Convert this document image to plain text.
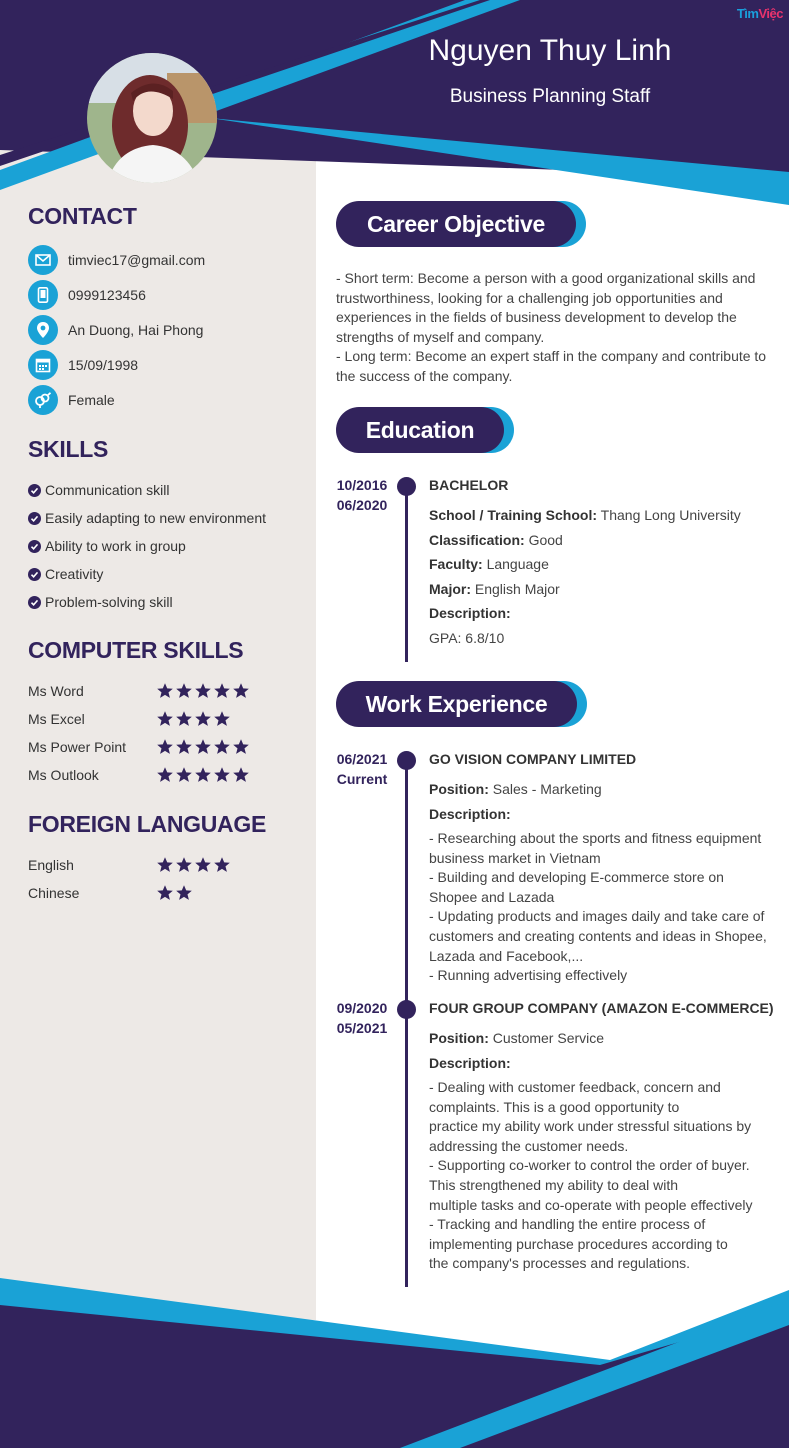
TìmViệc
Nguyen Thuy Linh
Business Planning Staff
CONTACT
timviec17@gmail.com
0999123456
An Duong, Hai Phong
15/09/1998
Female
SKILLS
Communication skill
Easily adapting to new environment
Ability to work in group
Creativity
Problem-solving skill
COMPUTER SKILLS
Ms Word
Ms Excel
Ms Power Point
Ms Outlook
FOREIGN LANGUAGE
English
Chinese
Career Objective
- Short term: Become a person with a good organizational skills and
trustworthiness, looking for a challenging job opportunities and
experiences in the fields of business development to develop the
strengths of myself and company.
- Long term: Become an expert staff in the company and contribute to
the success of the company.
Education
10/2016
06/2020
BACHELOR
School / Training School: Thang Long University
Classification: Good
Faculty: Language
Major: English Major
Description:
GPA: 6.8/10
Work Experience
06/2021
Current
GO VISION COMPANY LIMITED
Position: Sales - Marketing
Description:
- Researching about the sports and fitness equipment
business market in Vietnam
- Building and developing E-commerce store on
Shopee and Lazada
- Updating products and images daily and take care of
customers and creating contents and ideas in Shopee,
Lazada and Facebook,...
- Running advertising effectively
09/2020
05/2021
FOUR GROUP COMPANY (AMAZON E-COMMERCE)
Position: Customer Service
Description:
- Dealing with customer feedback, concern and
complaints. This is a good opportunity to
practice my ability work under stressful situations by
addressing the customer needs.
- Supporting co-worker to control the order of buyer.
This strengthened my ability to deal with
multiple tasks and co-operate with people effectively
- Tracking and handling the entire process of
implementing purchase procedures according to
the company's processes and regulations.
